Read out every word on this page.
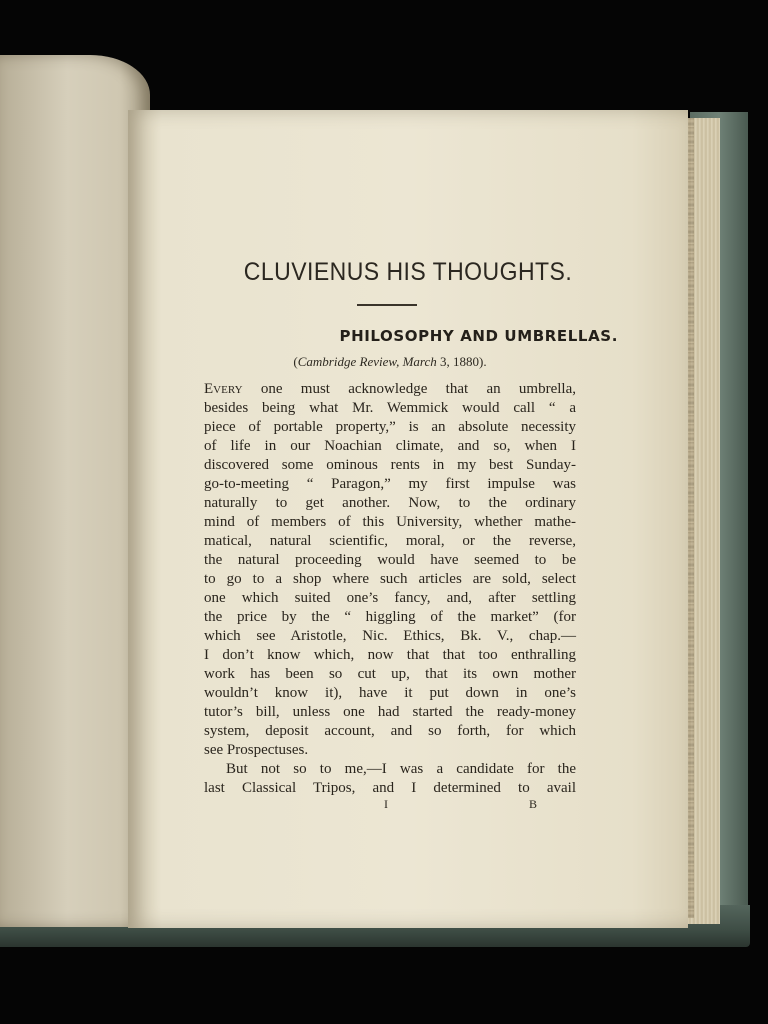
CLUVIENUS HIS THOUGHTS.
PHILOSOPHY AND UMBRELLAS.
(Cambridge Review, March 3, 1880).
Every one must acknowledge that an umbrella,
besides being what Mr. Wemmick would call “ a
piece of portable property,” is an absolute necessity
of life in our Noachian climate, and so, when I
discovered some ominous rents in my best Sunday-
go-to-meeting “ Paragon,” my first impulse was
naturally to get another. Now, to the ordinary
mind of members of this University, whether mathe-
matical, natural scientific, moral, or the reverse,
the natural proceeding would have seemed to be
to go to a shop where such articles are sold, select
one which suited one’s fancy, and, after settling
the price by the “ higgling of the market” (for
which see Aristotle, Nic. Ethics, Bk. V., chap.—
I don’t know which, now that that too enthralling
work has been so cut up, that its own mother
wouldn’t know it), have it put down in one’s
tutor’s bill, unless one had started the ready-money
system, deposit account, and so forth, for which
see Prospectuses.
But not so to me,—I was a candidate for the
last Classical Tripos, and I determined to avail
I	B
